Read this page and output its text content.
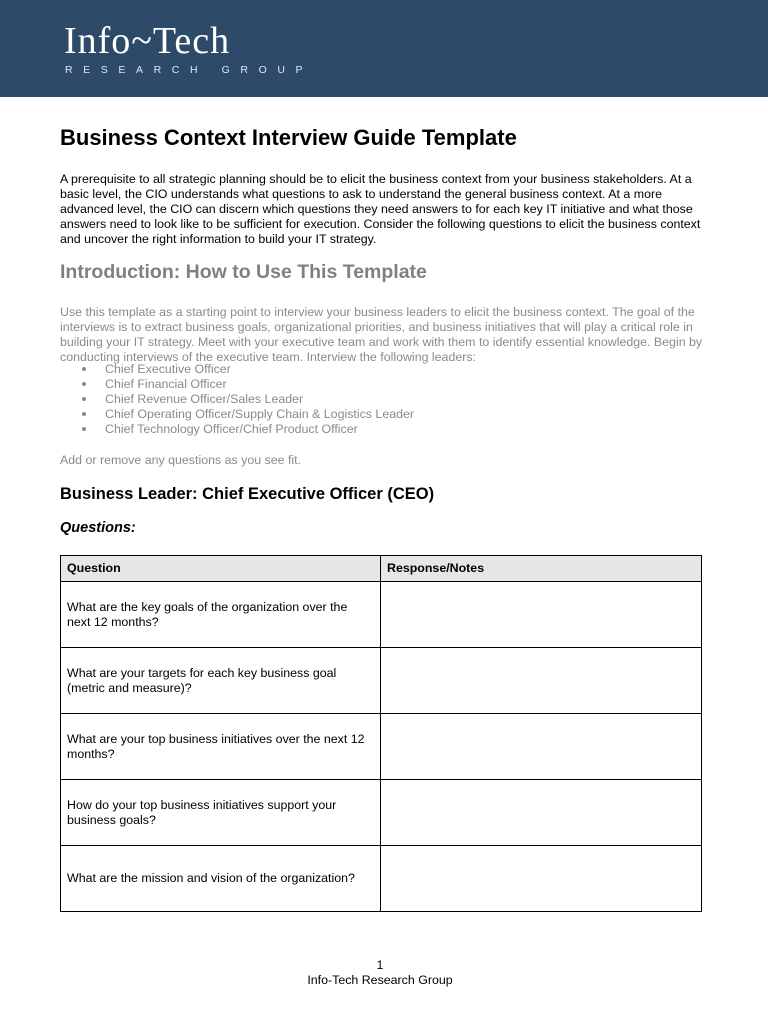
Info~Tech
RESEARCH GROUP
Business Context Interview Guide Template

A prerequisite to all strategic planning should be to elicit the business context from your business stakeholders. At a basic level, the CIO understands what questions to ask to understand the general business context. At a more advanced level, the CIO can discern which questions they need answers to for each key IT initiative and what those answers need to look like to be sufficient for execution. Consider the following questions to elicit the business context and uncover the right information to build your IT strategy.

Introduction: How to Use This Template

Use this template as a starting point to interview your business leaders to elicit the business context. The goal of the interviews is to extract business goals, organizational priorities, and business initiatives that will play a critical role in building your IT strategy. Meet with your executive team and work with them to identify essential knowledge. Begin by conducting interviews of the executive team. Interview the following leaders:

Chief Executive Officer
Chief Financial Officer
Chief Revenue Officer/Sales Leader
Chief Operating Officer/Supply Chain & Logistics Leader
Chief Technology Officer/Chief Product Officer

Add or remove any questions as you see fit.

Business Leader: Chief Executive Officer (CEO)

Questions:

Question	Response/Notes
What are the key goals of the organization over the next 12 months?	
What are your targets for each key business goal (metric and measure)?	
What are your top business initiatives over the next 12 months?	
How do your top business initiatives support your business goals?	
What are the mission and vision of the organization?	
1
Info-Tech Research Group
